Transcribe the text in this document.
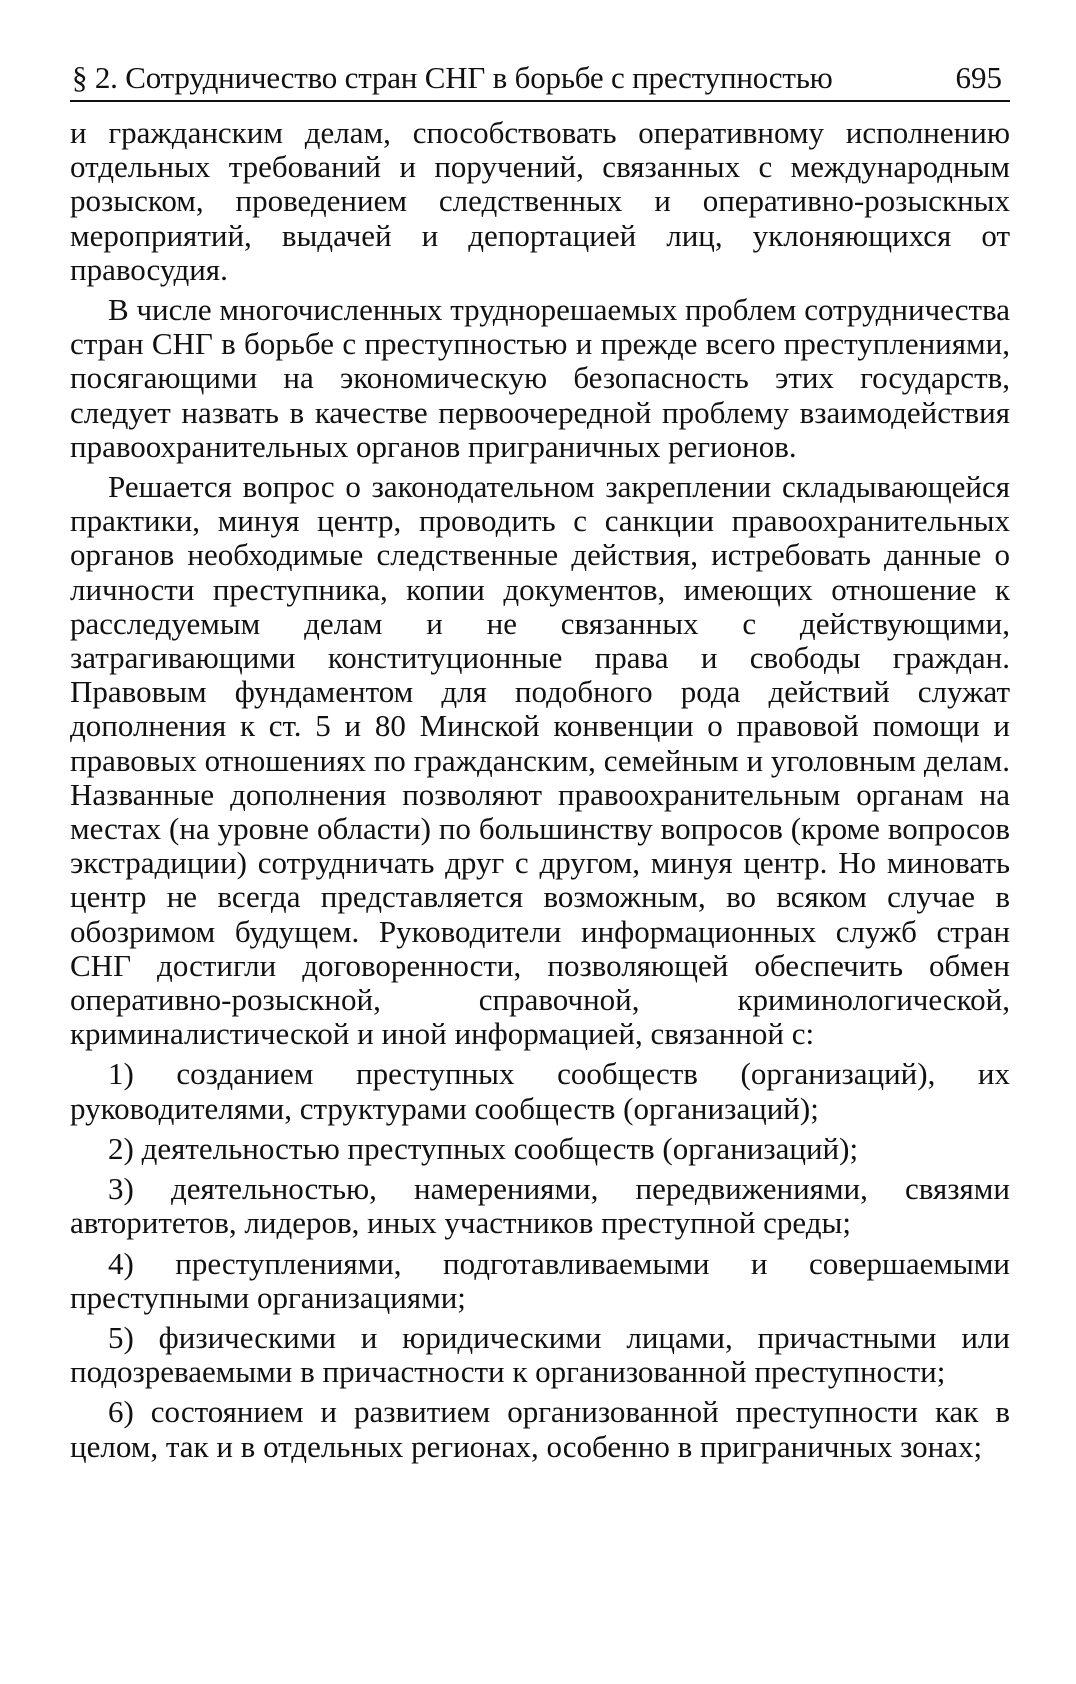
§ 2. Сотрудничество стран СНГ в борьбе с преступностью	695

и гражданским делам, способствовать оперативному исполнению отдельных требований и поручений, связанных с международным розыском, проведением следственных и оперативно-розыскных мероприятий, выдачей и депортацией лиц, уклоняющихся от правосудия.

В числе многочисленных труднорешаемых проблем сотрудничества стран СНГ в борьбе с преступностью и прежде всего преступлениями, посягающими на экономическую безопасность этих государств, следует назвать в качестве первоочередной проблему взаимодействия правоохранительных органов приграничных регионов.

Решается вопрос о законодательном закреплении складывающейся практики, минуя центр, проводить с санкции правоохранительных органов необходимые следственные действия, истребовать данные о личности преступника, копии документов, имеющих отношение к расследуемым делам и не связанных с действующими, затрагивающими конституционные права и свободы граждан. Правовым фундаментом для подобного рода действий служат дополнения к ст. 5 и 80 Минской конвенции о правовой помощи и правовых отношениях по гражданским, семейным и уголовным делам. Названные дополнения позволяют правоохранительным органам на местах (на уровне области) по большинству вопросов (кроме вопросов экстрадиции) сотрудничать друг с другом, минуя центр. Но миновать центр не всегда представляется возможным, во всяком случае в обозримом будущем. Руководители информационных служб стран СНГ достигли договоренности, позволяющей обеспечить обмен оперативно-розыскной, справочной, криминологической, криминалистической и иной информацией, связанной с:

1) созданием преступных сообществ (организаций), их руководителями, структурами сообществ (организаций);

2) деятельностью преступных сообществ (организаций);

3) деятельностью, намерениями, передвижениями, связями авторитетов, лидеров, иных участников преступной среды;

4) преступлениями, подготавливаемыми и совершаемыми преступными организациями;

5) физическими и юридическими лицами, причастными или подозреваемыми в причастности к организованной преступности;

6) состоянием и развитием организованной преступности как в целом, так и в отдельных регионах, особенно в приграничных зонах;
